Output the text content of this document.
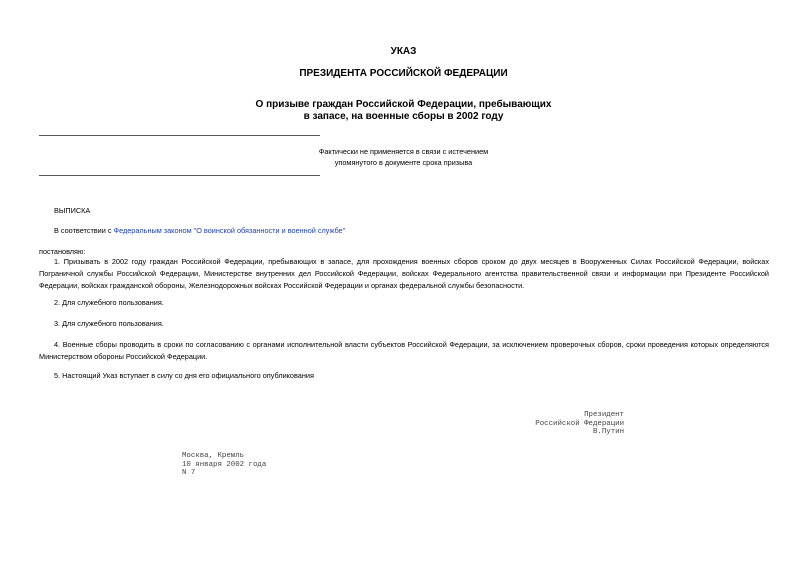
УКАЗ
ПРЕЗИДЕНТА РОССИЙСКОЙ ФЕДЕРАЦИИ
О призыве граждан Российской Федерации, пребывающих
в запасе, на военные сборы в 2002 году
Фактически не применяется в связи с истечением
упомянутого в документе срока призыва
ВЫПИСКА
В соответствии с Федеральным законом "О воинской обязанности и военной службе"
постановляю:
1. Призывать в 2002 году граждан Российской Федерации, пребывающих в запасе, для прохождения военных сборов сроком до двух месяцев в Вооруженных Силах Российской Федерации, войсках Пограничной службы Российской Федерации, Министерстве внутренних дел Российской Федерации, войсках Федерального агентства правительственной связи и информации при Президенте Российской Федерации, войсках гражданской обороны, Железнодорожных войсках Российской Федерации и органах федеральной службы безопасности.
2. Для служебного пользования.
3. Для служебного пользования.
4. Военные сборы проводить в сроки по согласованию с органами исполнительной власти субъектов Российской Федерации, за исключением проверочных сборов, сроки проведения которых определяются Министерством обороны Российской Федерации.
5. Настоящий Указ вступает в силу со дня его официального опубликования
Президент
Российской Федерации
В.Путин
Москва, Кремль
10 января 2002 года
N 7
